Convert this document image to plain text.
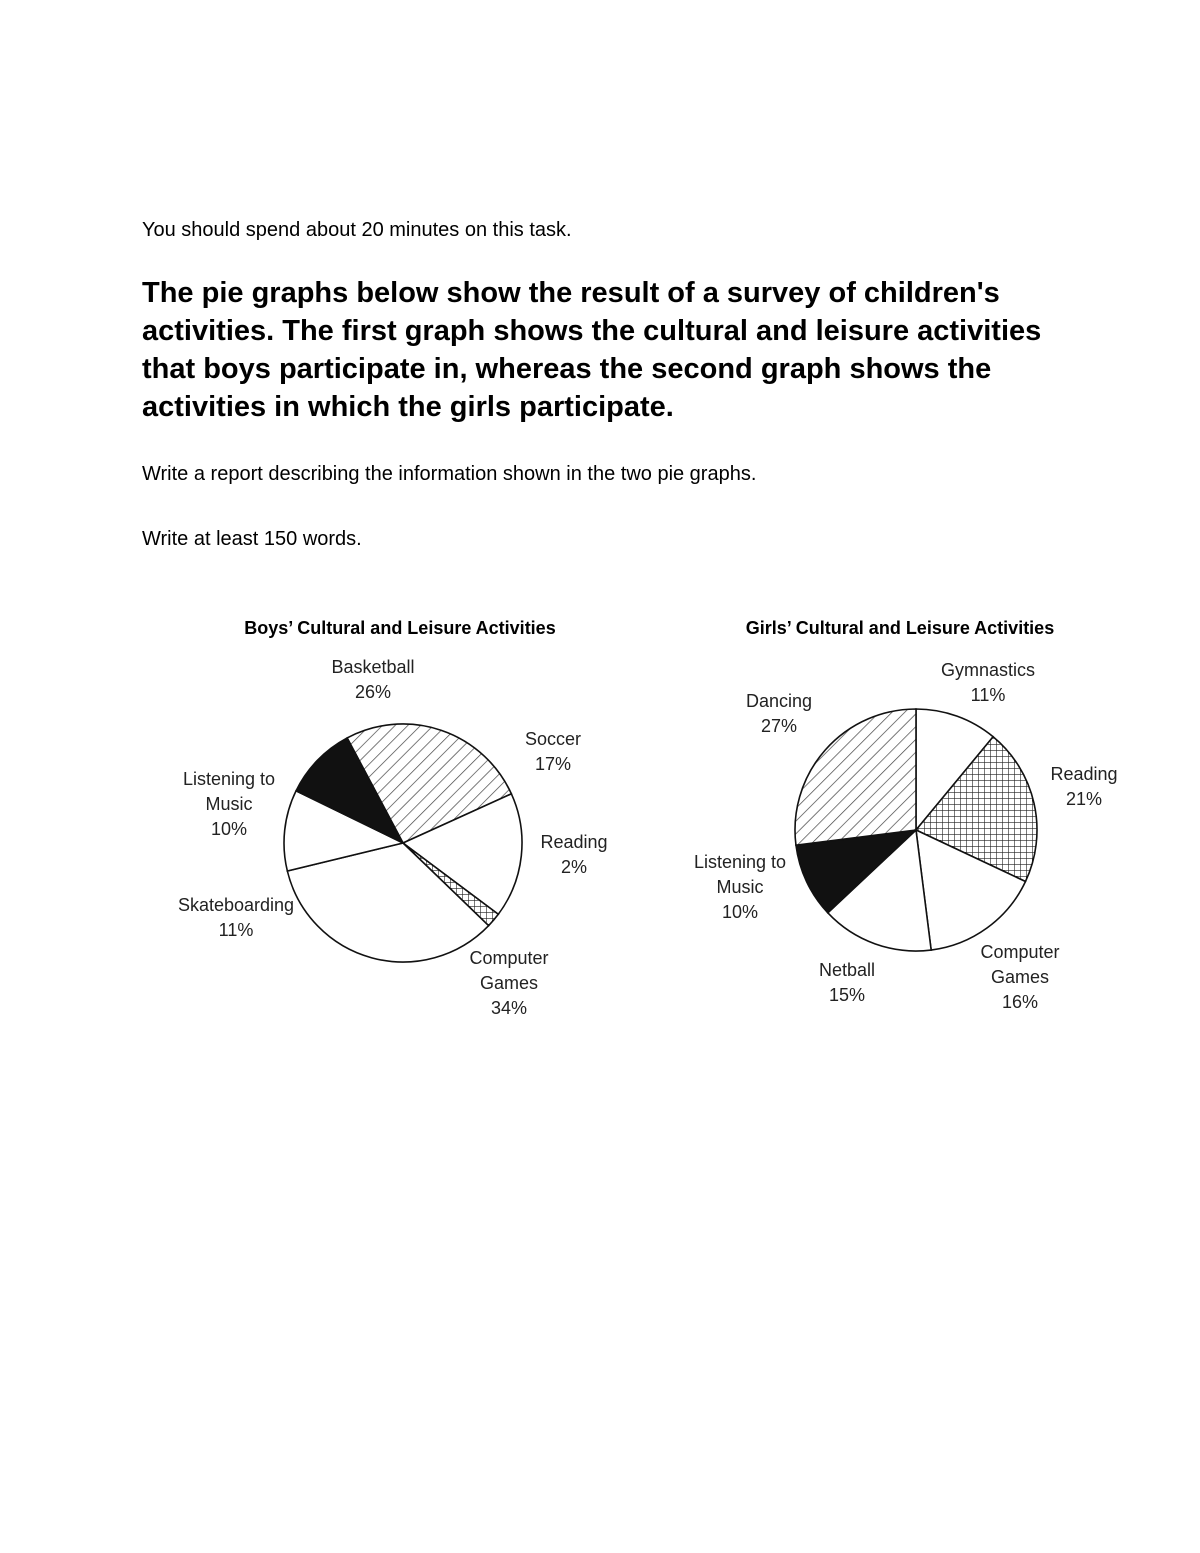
You should spend about 20 minutes on this task.

The pie graphs below show the result of a survey of children's activities. The first graph shows the cultural and leisure activities that boys participate in, whereas the second graph shows the activities in which the girls participate.

Write a report describing the information shown in the two pie graphs.

Write at least 150 words.

Boys’ Cultural and Leisure Activities	Girls’ Cultural and Leisure Activities
Basketball
26%
Soccer
17%
Reading
2%
Computer
Games
34%
Skateboarding
11%
Listening to
Music
10%
Gymnastics
11%
Reading
21%
Computer
Games
16%
Netball
15%
Listening to
Music
10%
Dancing
27%
